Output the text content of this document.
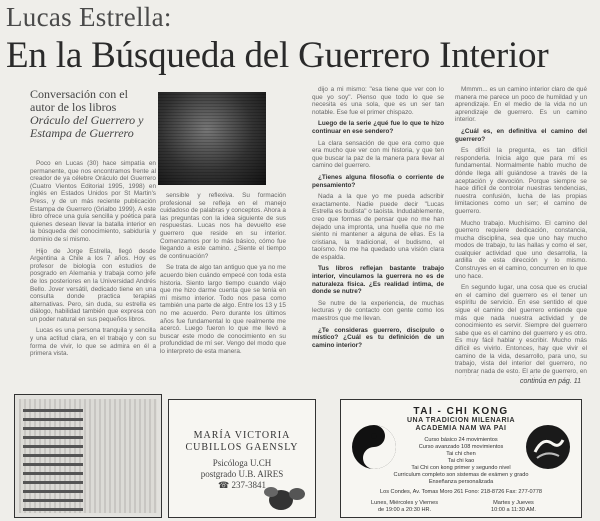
Lucas Estrella:
En la Búsqueda del Guerrero Interior
Conversación con el
autor de los libros
Oráculo del Guerrero y
Estampa de Guerrero

Poco en Lucas (30) hace simpatía en permanente, que nos encontramos frente al creador de ya célebre Oráculo del Guerrero (Cuatro Vientos Editorial 1995, 1998) en inglés en Estados Unidos por St Martin's Press, y de un más reciente publicación Estampa de Guerrero (Grialbo 1999). A este libro ofrece una guía sencilla y poética para quienes desean llevar la batalla interior en la búsqueda del conocimiento, sabiduría y dominio de sí mismo.

Hijo de Jorge Estrella, llegó desde Argentina a Chile a los 7 años. Hoy es profesor de biología con estudios de posgrado en Alemania y trabaja como jefe de los posteriores en la Universidad Andrés Bello. Jover versátil, dedicado tiene en una consulta donde practica terapias alternativas. Pero, sin duda, su estrella es diálogo, habilidad también que expresa con un poder natural en sus pequeños libros.

Lucas es una persona tranquila y sencilla y una actitud clara, en el trabajo y con su forma de vivir, lo que se admira en él a primera vista.

sensible y reflexiva. Su formación profesional se refleja en el manejo cuidadoso de palabras y conceptos. Ahora a las preguntas con la idea siguiente de sus respuestas. Lucas nos ha devuelto ese guerrero que reside en su interior. Comenzamos por lo más básico, cómo fue llegando a este camino. ¿Siente el tiempo de continuación?

Se trata de algo tan antiguo que ya no me acuerdo bien cuándo empecé con toda esta historia. Siento largo tiempo cuando viajo que me hizo darme cuenta que se tenía en mí mismo interior. Todo nos pasa como también una parte de algo. Entre los 13 y 15 no me acuerdo. Pero durante los últimos años fue fundamental lo que realmente me acercó. Luego fueron lo que me llevó a buscar este modo de conocimiento en su profundidad de mí ser. Vengo del modo que lo interpreto de esta manera.

dijo a mi mismo: "esa tiene que ver con lo que yo soy". Pienso que todo lo que se necesita es una sola, que es un ser tan notable. Ese fue el primer chispazo.

Luego de la serie ¿qué fue lo que te hizo continuar en ese sendero?

La clara sensación de que era como que era mucho que ver con mi historia, y que ten que buscar la paz de la manera para llevar al camino del guerrero.

¿Tienes alguna filosofía o corriente de pensamiento?

Nada a la que yo me pueda adscribir exactamente. Nadie puede decir "Lucas Estrella es budista" o taoísta. Indudablemente, creo que formas de pensar que no me han dejado una impronta, una huella que no me siento ni mantener a alguna de ellas. Es la cristiana, la tradicional, el budismo, el taoísmo. No me ha quedado una visión clara de espalda.

Tus libros reflejan bastante trabajo interior, vinculamos la guerrera no es de naturaleza física. ¿Es realidad íntima, de donde se nutre?

Se nutre de la experiencia, de muchas lecturas y de contacto con gente como los maestros que me llevan.

¿Te consideras guerrero, discípulo o místico? ¿Cuál es tu definición de un camino interior?

Mmmm... es un camino interior claro de qué manera me parece un poco de humildad y un aprendizaje. En el medio de la vida no un aprendizaje de guerrero. Es un camino interior.

¿Cuál es, en definitiva el camino del guerrero?

Es difícil la pregunta, es tan difícil responderla. Inicia algo que para mí es fundamental. Normalmente hablo mucho de dónde llega allí guiándose a través de la aceptación y devoción. Porque siempre se hace difícil de controlar nuestras tendencias, nuestra confusión, lucha de las propias limitaciones como un ser; el camino de guerrero.

Mucho trabajo. Muchísimo. El camino del guerrero requiere dedicación, constancia, mucha disciplina, sea que uno hay mucho modos de trabajo, tu las hallas y como el ser, cualquier actividad que uno desarrolla, la ardilla de esta dirección y lo mismo. Construyes en el camino, concurren en lo que uno hace.

En segundo lugar, una cosa que es crucial en el camino del guerrero es el tener un espíritu de servicio. En ese sentido el que sigue el camino del guerrero entiende que más que nada nuestra actividad y de conocimiento es servir. Siempre del guerrero sabe que es el camino del guerrero y es otro. Es muy fácil hablar y escribir. Mucho más difícil es vivirlo. Entonces, hay que vivir el camino de la vida, desarrollo, para uno, su trabajo, vista del interior del guerrero, no nombrar nada de esto. El arte de guerrero, en

continúa en pág. 11
MARÍA VICTORIA
CUBILLOS GAENSLY
Psicóloga U.CH
postgrado U.B. AIRES
☎ 237-3841
TAI - CHI KONG
UNA TRADICION MILENARIA
ACADEMIA NAM WA PAI
Curso básico 24 movimientos
Curso avanzado 108 movimientos
Tai chi chen
Tai chi kao
Tai Chi con kong primer y segundo nivel
Curriculum completo son sistemas de exámen y grado
Enseñanza personalizada
Los Condes, Av. Tomas Moro 261 Fono: 218-8726 Fax: 277-0778
Lunes, Miércoles y Viernes
de 19:00 a 20:30 HR.
Martes y Jueves
10:00 a 11:30 AM.
